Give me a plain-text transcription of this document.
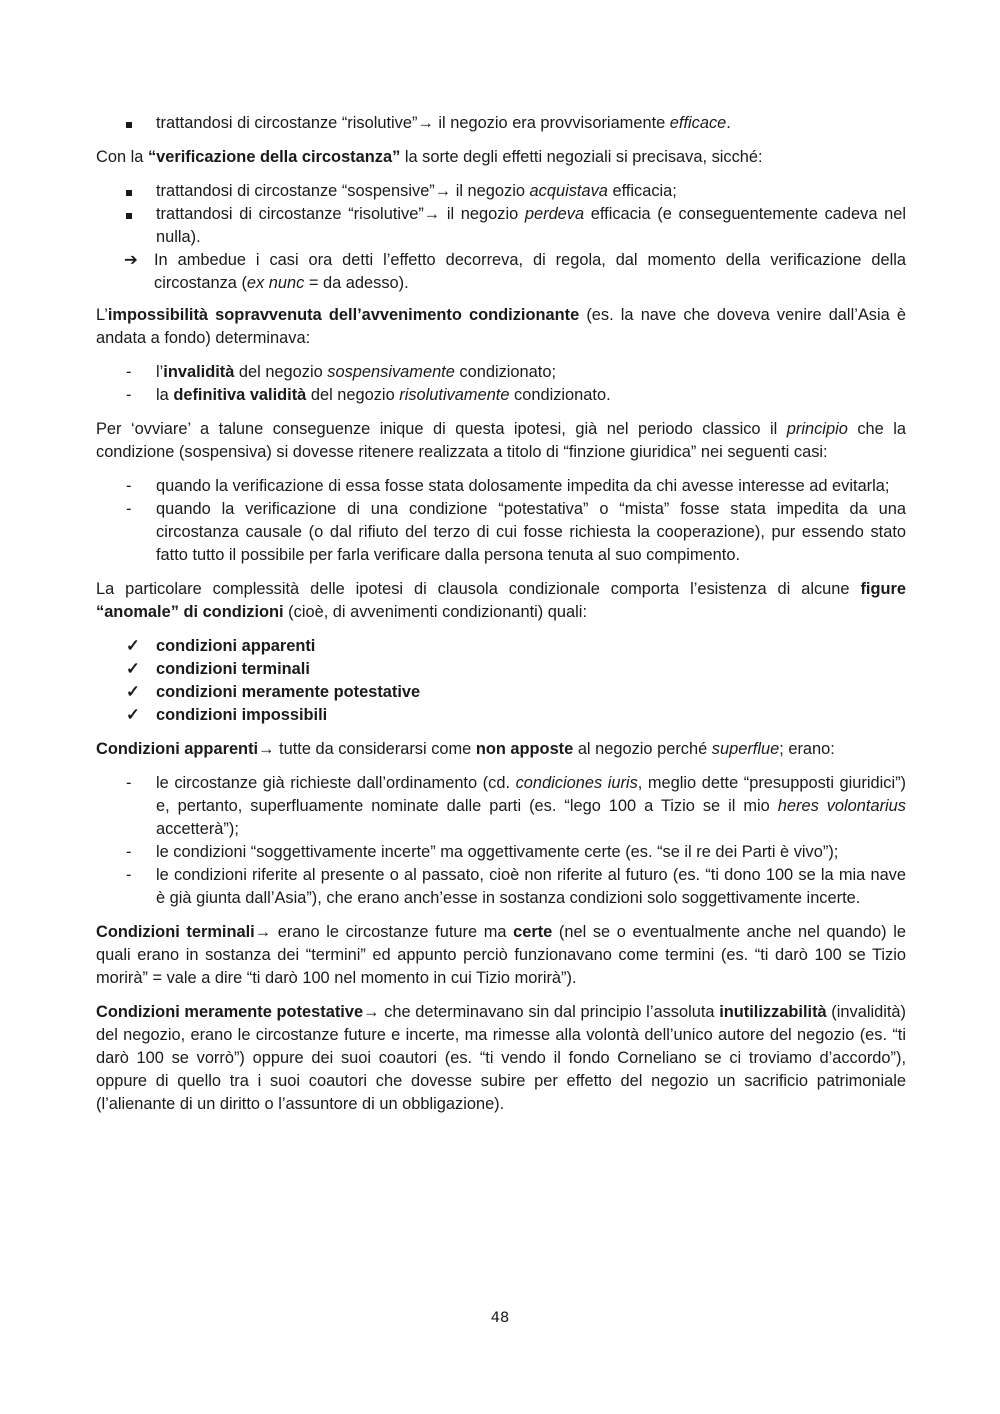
trattandosi di circostanze “risolutive”→ il negozio era provvisoriamente efficace.

Con la “verificazione della circostanza” la sorte degli effetti negoziali si precisava, sicché:

trattandosi di circostanze “sospensive”→ il negozio acquistava efficacia;
trattandosi di circostanze “risolutive”→ il negozio perdeva efficacia (e conseguentemente cadeva nel nulla).
➔ In ambedue i casi ora detti l’effetto decorreva, di regola, dal momento della verificazione della circostanza (ex nunc = da adesso).

L’impossibilità sopravvenuta dell’avvenimento condizionante (es. la nave che doveva venire dall’Asia è andata a fondo) determinava:

- l’invalidità del negozio sospensivamente condizionato;
- la definitiva validità del negozio risolutivamente condizionato.

Per ‘ovviare’ a talune conseguenze inique di questa ipotesi, già nel periodo classico il principio che la condizione (sospensiva) si dovesse ritenere realizzata a titolo di “finzione giuridica” nei seguenti casi:

- quando la verificazione di essa fosse stata dolosamente impedita da chi avesse interesse ad evitarla;
- quando la verificazione di una condizione “potestativa” o “mista” fosse stata impedita da una circostanza causale (o dal rifiuto del terzo di cui fosse richiesta la cooperazione), pur essendo stato fatto tutto il possibile per farla verificare dalla persona tenuta al suo compimento.

La particolare complessità delle ipotesi di clausola condizionale comporta l’esistenza di alcune figure “anomale” di condizioni (cioè, di avvenimenti condizionanti) quali:

✓ condizioni apparenti
✓ condizioni terminali
✓ condizioni meramente potestative
✓ condizioni impossibili

Condizioni apparenti→ tutte da considerarsi come non apposte al negozio perché superflue; erano:

- le circostanze già richieste dall’ordinamento (cd. condiciones iuris, meglio dette “presupposti giuridici”) e, pertanto, superfluamente nominate dalle parti (es. “lego 100 a Tizio se il mio heres volontarius accetterà”);
- le condizioni “soggettivamente incerte” ma oggettivamente certe (es. “se il re dei Parti è vivo”);
- le condizioni riferite al presente o al passato, cioè non riferite al futuro (es. “ti dono 100 se la mia nave è già giunta dall’Asia”), che erano anch’esse in sostanza condizioni solo soggettivamente incerte.

Condizioni terminali→ erano le circostanze future ma certe (nel se o eventualmente anche nel quando) le quali erano in sostanza dei “termini” ed appunto perciò funzionavano come termini (es. “ti darò 100 se Tizio morirà” = vale a dire “ti darò 100 nel momento in cui Tizio morirà”).

Condizioni meramente potestative→ che determinavano sin dal principio l’assoluta inutilizzabilità (invalidità) del negozio, erano le circostanze future e incerte, ma rimesse alla volontà dell’unico autore del negozio (es. “ti darò 100 se vorrò”) oppure dei suoi coautori (es. “ti vendo il fondo Corneliano se ci troviamo d’accordo”), oppure di quello tra i suoi coautori che dovesse subire per effetto del negozio un sacrificio patrimoniale (l’alienante di un diritto o l’assuntore di un obbligazione).

48
